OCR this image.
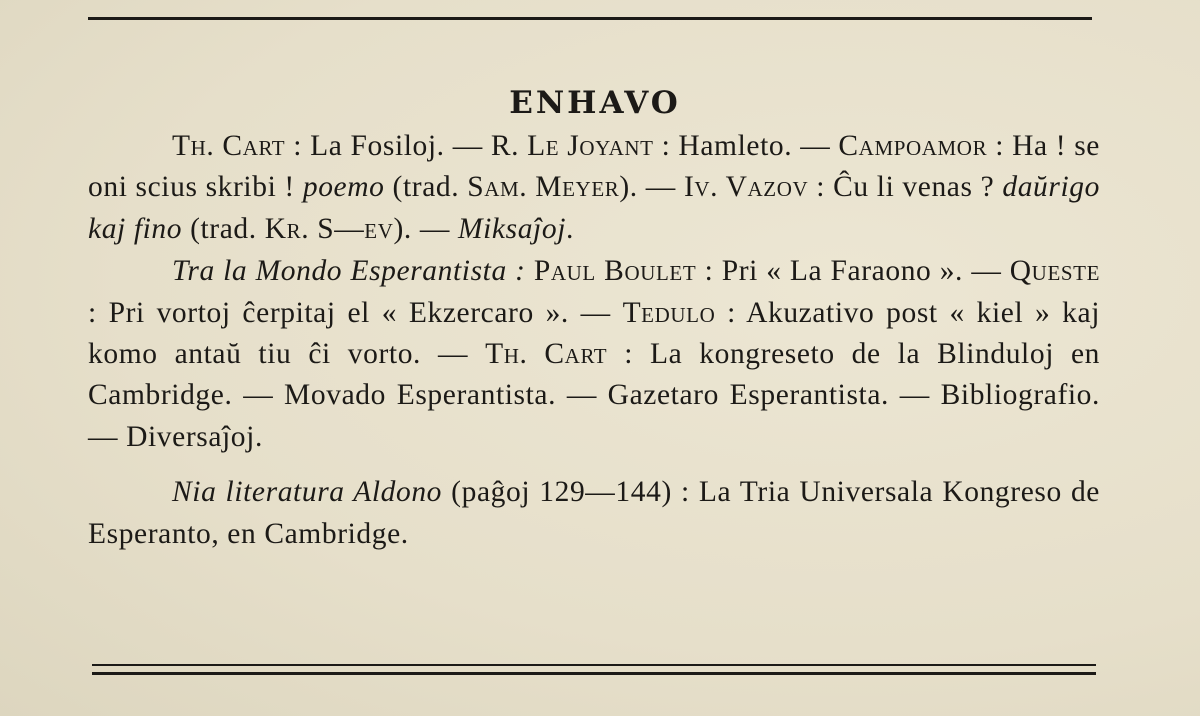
ENHAVO

Th. Cart : La Fosiloj. — R. Le Joyant : Hamleto. — Campoamor : Ha ! se oni scius skribi ! poemo (trad. Sam. Meyer). — Iv. Vazov : Ĉu li venas ? daŭrigo kaj fino (trad. Kr. S—ev). — Miksaĵoj.

Tra la Mondo Esperantista : Paul Boulet : Pri « La Faraono ». — Queste : Pri vortoj ĉerpitaj el « Ekzercaro ». — Tedulo : Akuzativo post « kiel » kaj komo antaŭ tiu ĉi vorto. — Th. Cart : La kongreseto de la Blinduloj en Cambridge. — Movado Esperantista. — Gazetaro Esperantista. — Bibliografio. — Diversaĵoj.

Nia literatura Aldono (paĝoj 129—144) : La Tria Universala Kongreso de Esperanto, en Cambridge.
